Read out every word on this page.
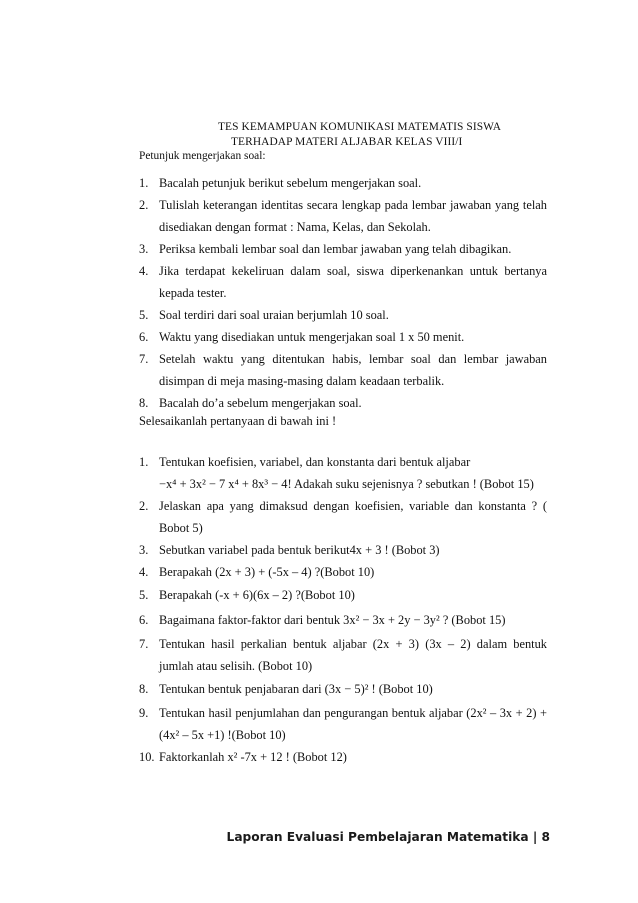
TES KEMAMPUAN KOMUNIKASI MATEMATIS SISWA
TERHADAP MATERI ALJABAR KELAS VIII/I
Petunjuk mengerjakan soal:
1. Bacalah petunjuk berikut sebelum mengerjakan soal.
2. Tulislah keterangan identitas secara lengkap pada lembar jawaban yang telah disediakan dengan format : Nama, Kelas, dan Sekolah.
3. Periksa kembali lembar soal dan lembar jawaban yang telah dibagikan.
4. Jika terdapat kekeliruan dalam soal, siswa diperkenankan untuk bertanya kepada tester.
5. Soal terdiri dari soal uraian berjumlah 10 soal.
6. Waktu yang disediakan untuk mengerjakan soal 1 x 50 menit.
7. Setelah waktu yang ditentukan habis, lembar soal dan lembar jawaban disimpan di meja masing-masing dalam keadaan terbalik.
8. Bacalah do’a sebelum mengerjakan soal.
Selesaikanlah pertanyaan di bawah ini !
1. Tentukan koefisien, variabel, dan konstanta dari bentuk aljabar
−x⁴ + 3x² − 7 x⁴ + 8x³ − 4! Adakah suku sejenisnya ? sebutkan ! (Bobot 15)
2. Jelaskan apa yang dimaksud dengan koefisien, variable dan konstanta ? ( Bobot 5)
3. Sebutkan variabel pada bentuk berikut4x + 3 ! (Bobot 3)
4. Berapakah (2x + 3) + (-5x – 4) ?(Bobot 10)
5. Berapakah (-x + 6)(6x – 2) ?(Bobot 10)
6. Bagaimana faktor-faktor dari bentuk 3x² − 3x + 2y − 3y² ? (Bobot 15)
7. Tentukan hasil perkalian bentuk aljabar (2x + 3) (3x – 2) dalam bentuk jumlah atau selisih. (Bobot 10)
8. Tentukan bentuk penjabaran dari (3x − 5)² ! (Bobot 10)
9. Tentukan hasil penjumlahan dan pengurangan bentuk aljabar (2x² – 3x + 2) + (4x² – 5x +1) !(Bobot 10)
10. Faktorkanlah x² -7x + 12 ! (Bobot 12)
Laporan Evaluasi Pembelajaran Matematika | 8
